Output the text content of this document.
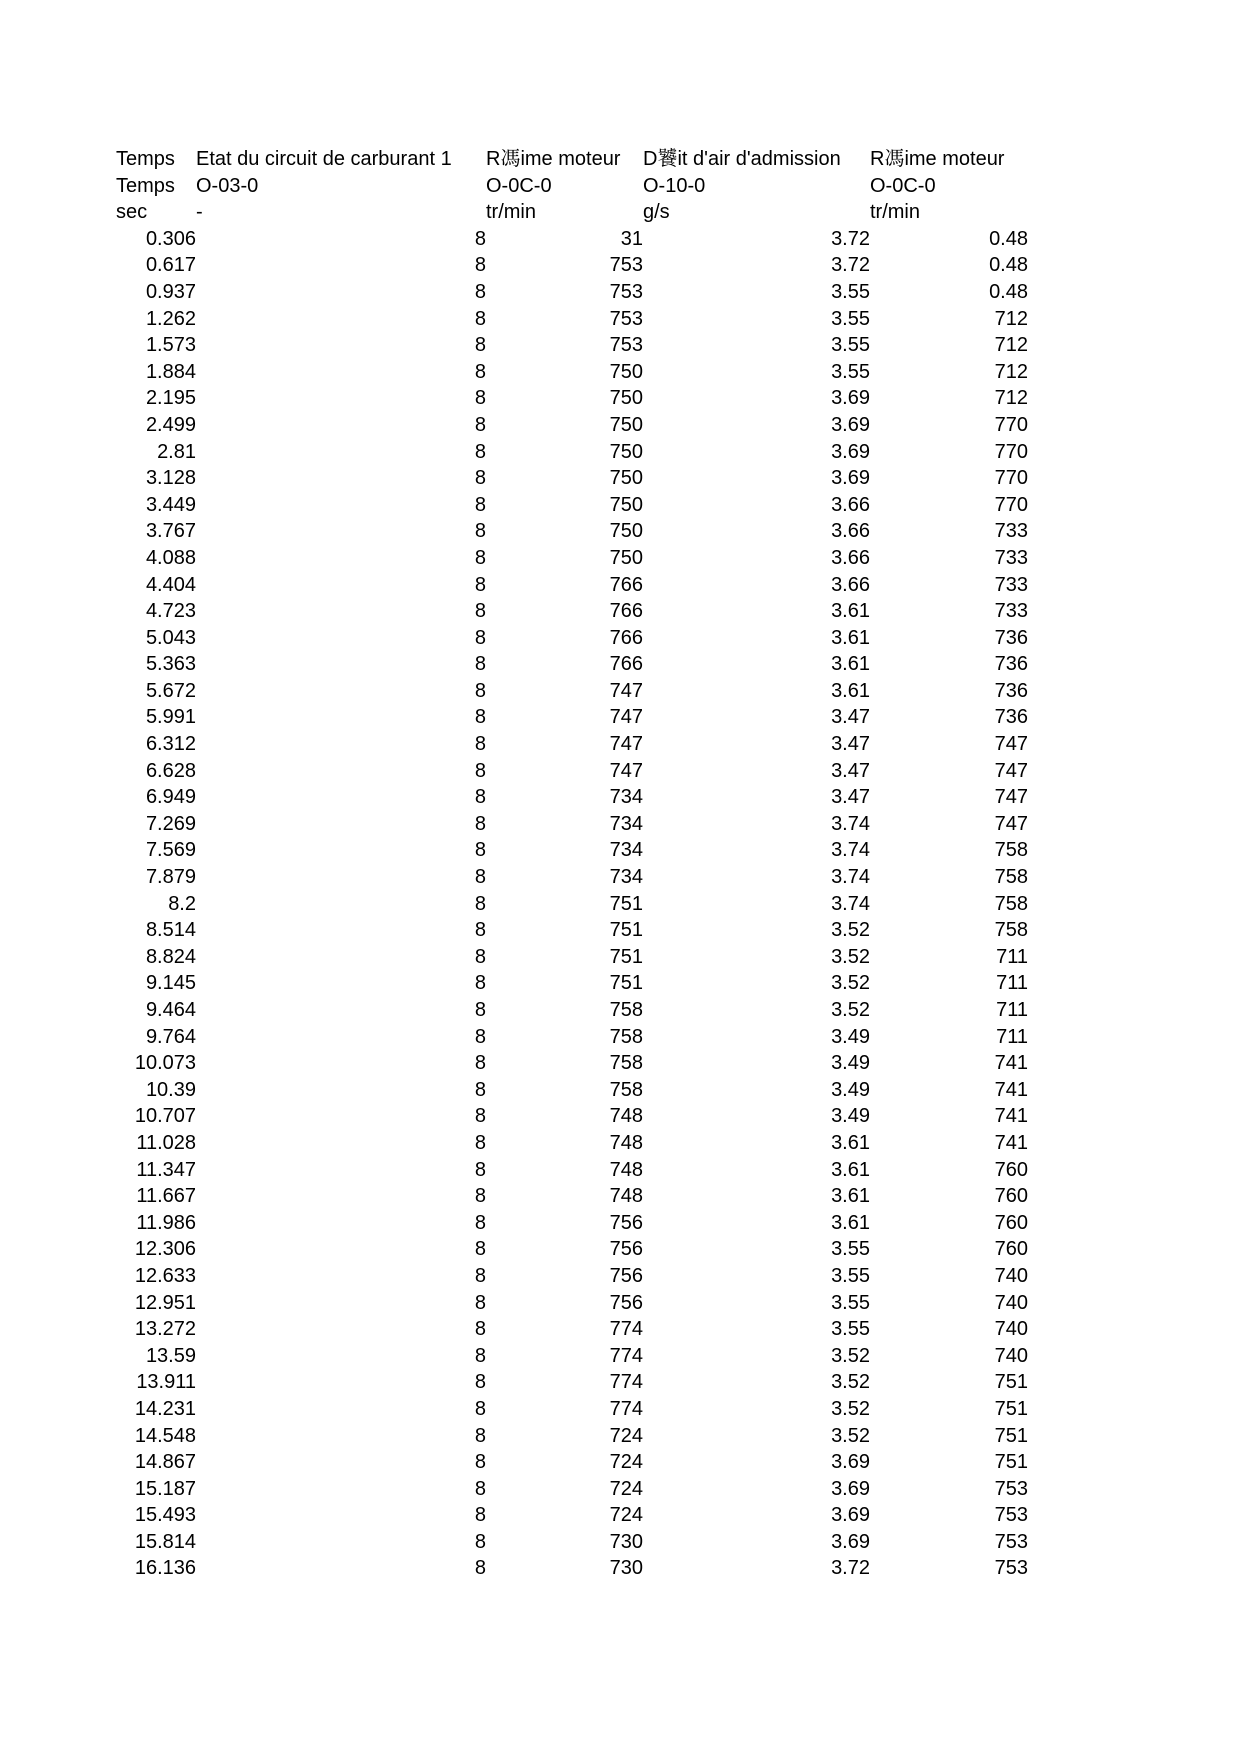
Temps	Etat du circuit de carburant 1	R馮ime moteur	D饕it d'air d'admission	R馮ime moteur
Temps	O-03-0	O-0C-0	O-10-0	O-0C-0
sec	-	tr/min	g/s	tr/min
0.306	8	31	3.72	0.48
0.617	8	753	3.72	0.48
0.937	8	753	3.55	0.48
1.262	8	753	3.55	712
1.573	8	753	3.55	712
1.884	8	750	3.55	712
2.195	8	750	3.69	712
2.499	8	750	3.69	770
2.81	8	750	3.69	770
3.128	8	750	3.69	770
3.449	8	750	3.66	770
3.767	8	750	3.66	733
4.088	8	750	3.66	733
4.404	8	766	3.66	733
4.723	8	766	3.61	733
5.043	8	766	3.61	736
5.363	8	766	3.61	736
5.672	8	747	3.61	736
5.991	8	747	3.47	736
6.312	8	747	3.47	747
6.628	8	747	3.47	747
6.949	8	734	3.47	747
7.269	8	734	3.74	747
7.569	8	734	3.74	758
7.879	8	734	3.74	758
8.2	8	751	3.74	758
8.514	8	751	3.52	758
8.824	8	751	3.52	711
9.145	8	751	3.52	711
9.464	8	758	3.52	711
9.764	8	758	3.49	711
10.073	8	758	3.49	741
10.39	8	758	3.49	741
10.707	8	748	3.49	741
11.028	8	748	3.61	741
11.347	8	748	3.61	760
11.667	8	748	3.61	760
11.986	8	756	3.61	760
12.306	8	756	3.55	760
12.633	8	756	3.55	740
12.951	8	756	3.55	740
13.272	8	774	3.55	740
13.59	8	774	3.52	740
13.911	8	774	3.52	751
14.231	8	774	3.52	751
14.548	8	724	3.52	751
14.867	8	724	3.69	751
15.187	8	724	3.69	753
15.493	8	724	3.69	753
15.814	8	730	3.69	753
16.136	8	730	3.72	753
